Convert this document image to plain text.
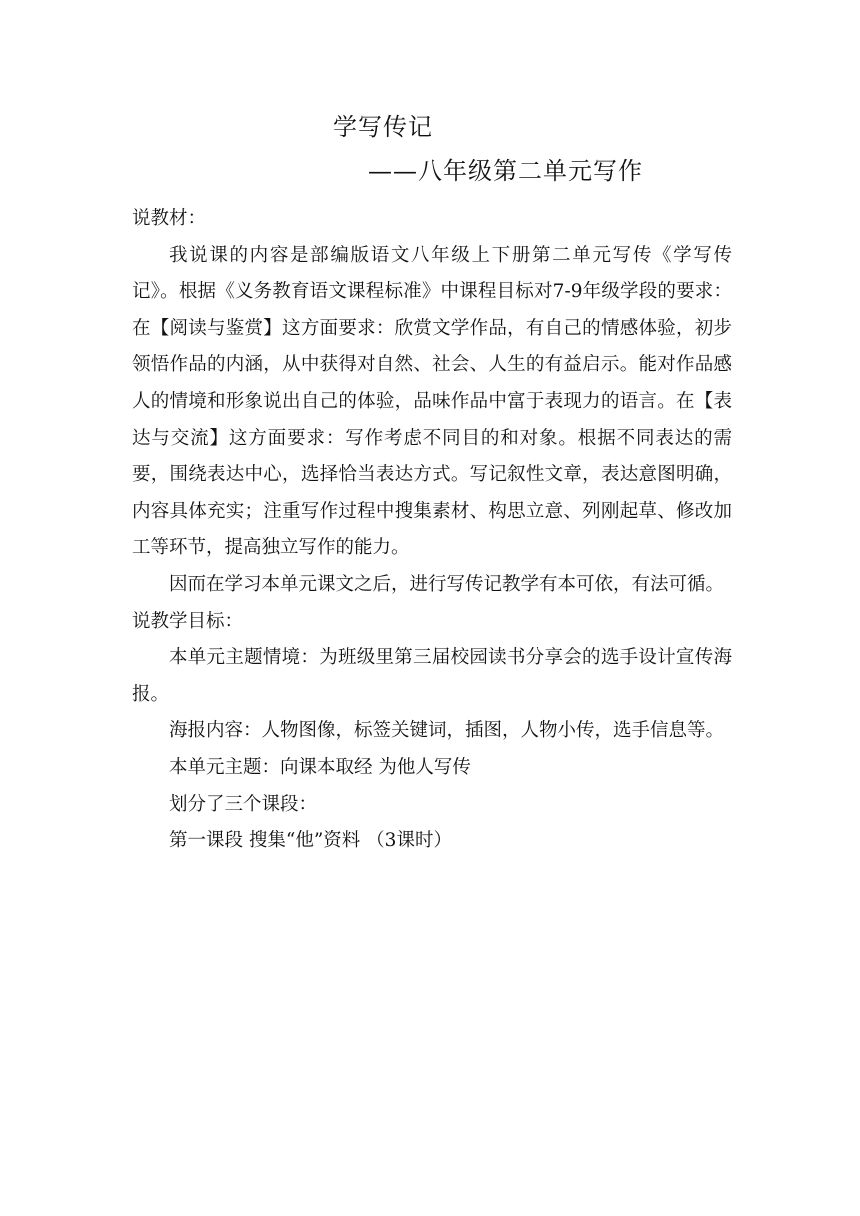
学写传记
——八年级第二单元写作

说教材：

我说课的内容是部编版语文八年级上下册第二单元写传《学写传记》。根据《义务教育语文课程标准》中课程目标对7-9年级学段的要求：在【阅读与鉴赏】这方面要求：欣赏文学作品，有自己的情感体验，初步领悟作品的内涵，从中获得对自然、社会、人生的有益启示。能对作品感人的情境和形象说出自己的体验，品味作品中富于表现力的语言。在【表达与交流】这方面要求：写作考虑不同目的和对象。根据不同表达的需要，围绕表达中心，选择恰当表达方式。写记叙性文章，表达意图明确，内容具体充实；注重写作过程中搜集素材、构思立意、列刚起草、修改加工等环节，提高独立写作的能力。

因而在学习本单元课文之后，进行写传记教学有本可依，有法可循。

说教学目标：

本单元主题情境：为班级里第三届校园读书分享会的选手设计宣传海报。

海报内容：人物图像，标签关键词，插图，人物小传，选手信息等。

本单元主题：向课本取经 为他人写传

划分了三个课段：

第一课段 搜集“他”资料 （3课时）
